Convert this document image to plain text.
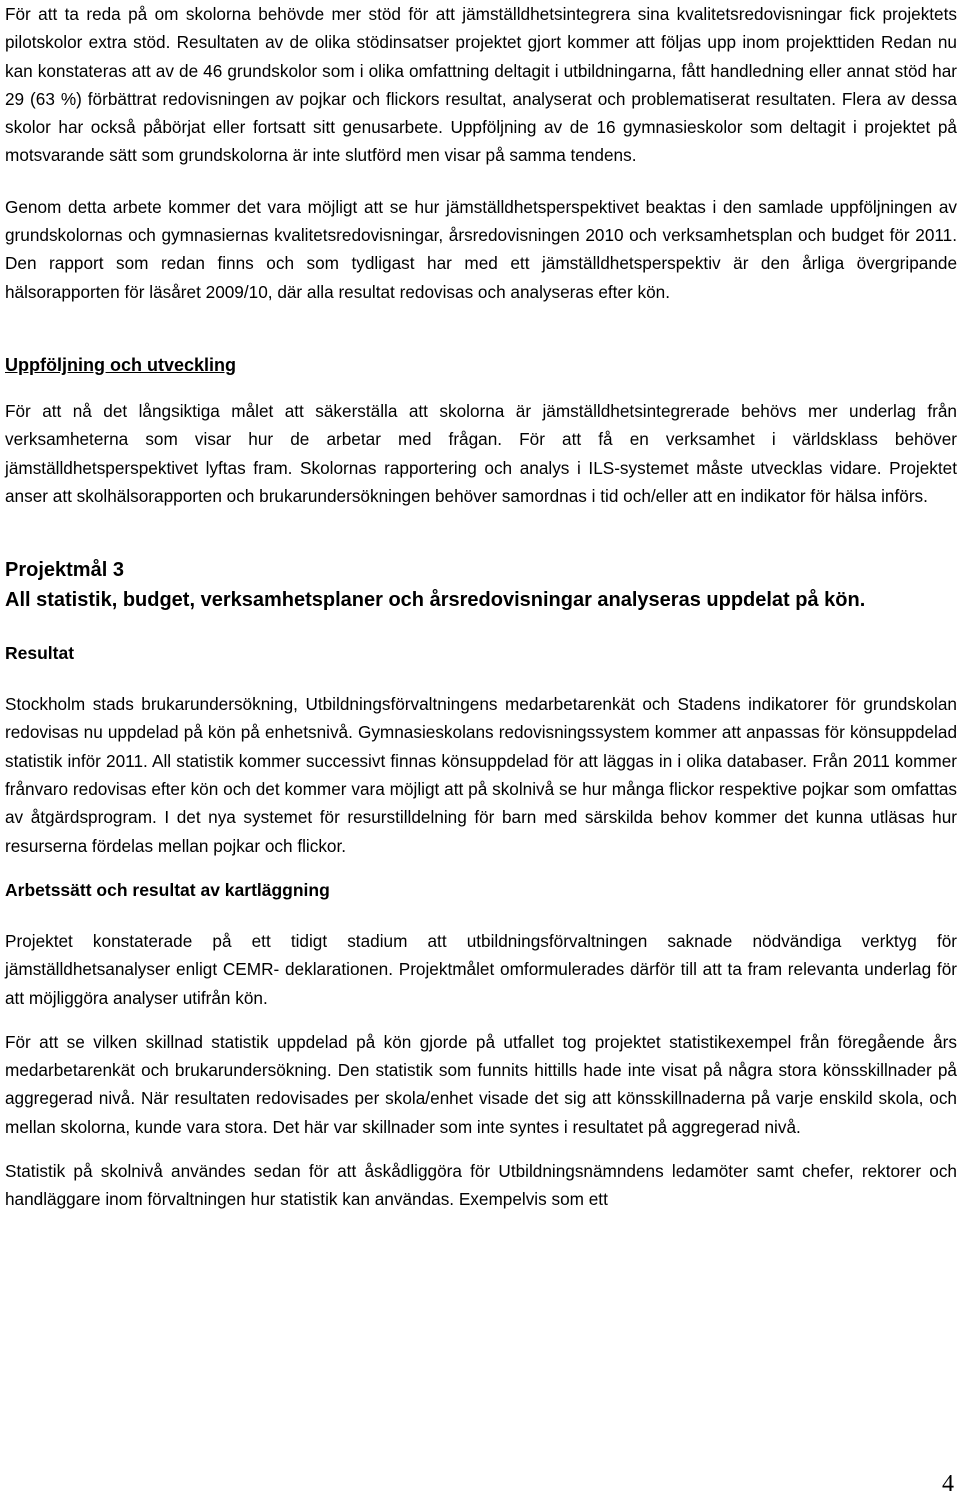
För att ta reda på om skolorna behövde mer stöd för att jämställdhetsintegrera sina kvalitetsredovisningar fick projektets pilotskolor extra stöd. Resultaten av de olika stödinsatser projektet gjort kommer att följas upp inom projekttiden Redan nu kan konstateras att av de 46 grundskolor som i olika omfattning deltagit i utbildningarna, fått handledning eller annat stöd har 29 (63 %) förbättrat redovisningen av pojkar och flickors resultat, analyserat och problematiserat resultaten. Flera av dessa skolor har också påbörjat eller fortsatt sitt genusarbete. Uppföljning av de 16 gymnasieskolor som deltagit i projektet på motsvarande sätt som grundskolorna är inte slutförd men visar på samma tendens.

Genom detta arbete kommer det vara möjligt att se hur jämställdhetsperspektivet beaktas i den samlade uppföljningen av grundskolornas och gymnasiernas kvalitetsredovisningar, årsredovisningen 2010 och verksamhetsplan och budget för 2011. Den rapport som redan finns och som tydligast har med ett jämställdhetsperspektiv är den årliga övergripande hälsorapporten för läsåret 2009/10, där alla resultat redovisas och analyseras efter kön.

Uppföljning och utveckling

För att nå det långsiktiga målet att säkerställa att skolorna är jämställdhetsintegrerade behövs mer underlag från verksamheterna som visar hur de arbetar med frågan. För att få en verksamhet i världsklass behöver jämställdhetsperspektivet lyftas fram. Skolornas rapportering och analys i ILS-systemet måste utvecklas vidare. Projektet anser att skolhälsorapporten och brukarundersökningen behöver samordnas i tid och/eller att en indikator för hälsa införs.

Projektmål 3
All statistik, budget, verksamhetsplaner och årsredovisningar analyseras uppdelat på kön.
Resultat

Stockholm stads brukarundersökning, Utbildningsförvaltningens medarbetarenkät och Stadens indikatorer för grundskolan redovisas nu uppdelad på kön på enhetsnivå. Gymnasieskolans redovisningssystem kommer att anpassas för könsuppdelad statistik inför 2011. All statistik kommer successivt finnas könsuppdelad för att läggas in i olika databaser. Från 2011 kommer frånvaro redovisas efter kön och det kommer vara möjligt att på skolnivå se hur många flickor respektive pojkar som omfattas av åtgärdsprogram. I det nya systemet för resurstilldelning för barn med särskilda behov kommer det kunna utläsas hur resurserna fördelas mellan pojkar och flickor.

Arbetssätt och resultat av kartläggning

Projektet konstaterade på ett tidigt stadium att utbildningsförvaltningen saknade nödvändiga verktyg för jämställdhetsanalyser enligt CEMR- deklarationen. Projektmålet omformulerades därför till att ta fram relevanta underlag för att möjliggöra analyser utifrån kön.

För att se vilken skillnad statistik uppdelad på kön gjorde på utfallet tog projektet statistikexempel från föregående års medarbetarenkät och brukarundersökning. Den statistik som funnits hittills hade inte visat på några stora könsskillnader på aggregerad nivå. När resultaten redovisades per skola/enhet visade det sig att könsskillnaderna på varje enskild skola, och mellan skolorna, kunde vara stora. Det här var skillnader som inte syntes i resultatet på aggregerad nivå.

Statistik på skolnivå användes sedan för att åskådliggöra för Utbildningsnämndens ledamöter samt chefer, rektorer och handläggare inom förvaltningen hur statistik kan användas. Exempelvis som ett

4
